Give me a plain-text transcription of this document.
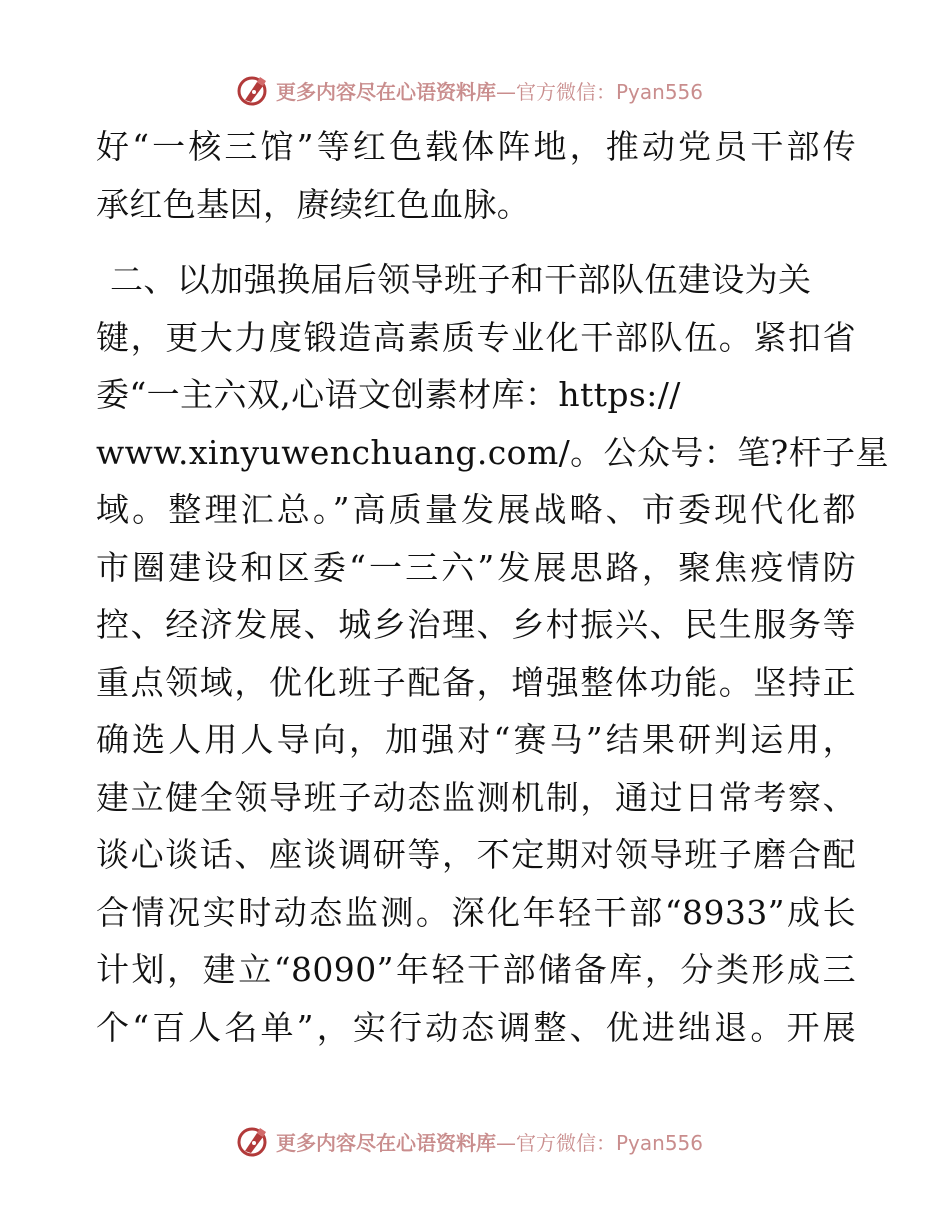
更多内容尽在心语资料库 —官方微信：Pyan556
好“一核三馆”等红色载体阵地，推动党员干部传
承红色基因，赓续红色血脉。
二、以加强换届后领导班子和干部队伍建设为关
键，更大力度锻造高素质专业化干部队伍。紧扣省
委“一主六双,心语文创素材库：https://
www.xinyuwenchuang.com/。公众号：笔?杆子星
域。整理汇总。”高质量发展战略、市委现代化都
市圈建设和区委“一三六”发展思路，聚焦疫情防
控、经济发展、城乡治理、乡村振兴、民生服务等
重点领域，优化班子配备，增强整体功能。坚持正
确选人用人导向，加强对“赛马”结果研判运用，
建立健全领导班子动态监测机制，通过日常考察、
谈心谈话、座谈调研等，不定期对领导班子磨合配
合情况实时动态监测。深化年轻干部“8933”成长
计划，建立“8090”年轻干部储备库，分类形成三
个“百人名单”，实行动态调整、优进绌退。开展
更多内容尽在心语资料库 —官方微信：Pyan556
